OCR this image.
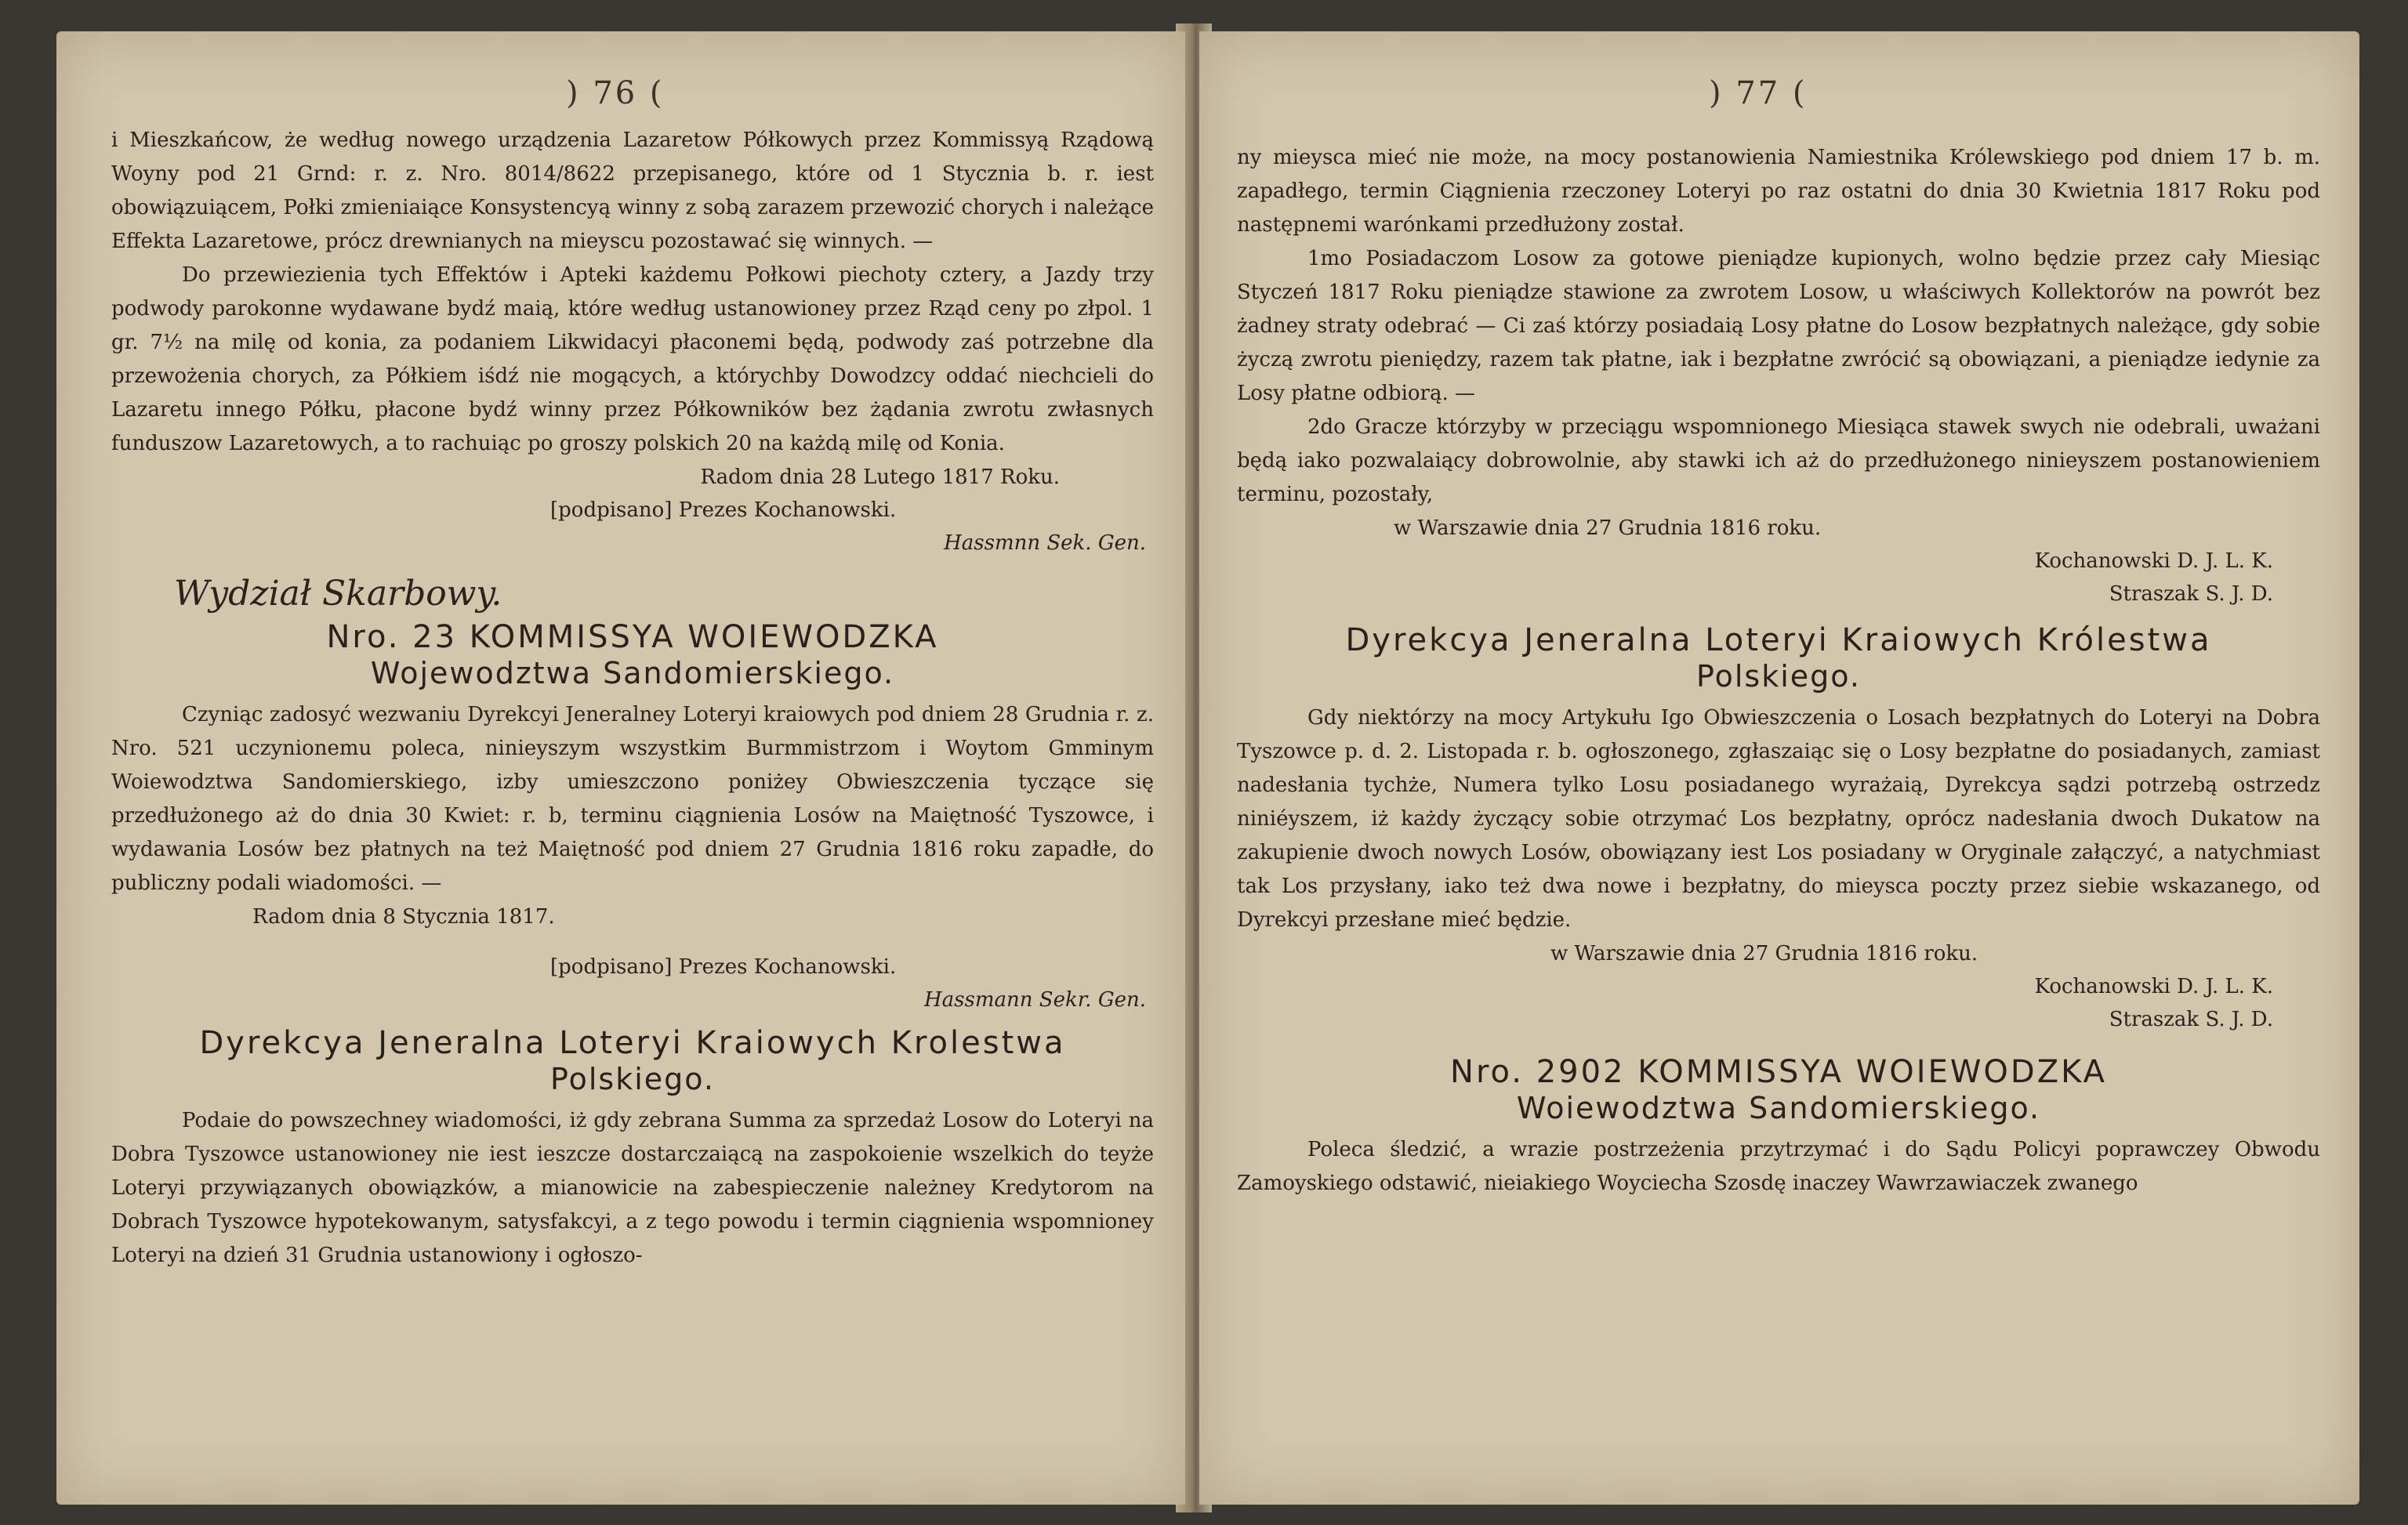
) 76 (

i Mieszkańcow, że według nowego urządzenia Lazaretow Półkowych przez Kommissyą Rządową Woyny pod 21 Grnd: r. z. Nro. 8014/8622 przepisanego, które od 1 Stycznia b. r. iest obowiązuiącem, Połki zmieniaiące Konsystencyą winny z sobą zarazem przewozić chorych i należące Effekta Lazaretowe, prócz drewnianych na mieyscu pozostawać się winnych. —

Do przewiezienia tych Effektów i Apteki każdemu Połkowi piechoty cztery, a Jazdy trzy podwody parokonne wydawane bydź maią, które według ustanowioney przez Rząd ceny po złpol. 1 gr. 7½ na milę od konia, za podaniem Likwidacyi płaconemi będą, podwody zaś potrzebne dla przewożenia chorych, za Półkiem iśdź nie mogących, a którychby Dowodzcy oddać niechcieli do Lazaretu innego Półku, płacone bydź winny przez Półkowników bez żądania zwrotu zwłasnych funduszow Lazaretowych, a to rachuiąc po groszy polskich 20 na każdą milę od Konia.

Radom dnia 28 Lutego 1817 Roku.

[podpisano] Prezes Kochanowski.

Hassmnn Sek. Gen.

Wydział Skarbowy.
Nro. 23 KOMMISSYA WOIEWODZKA
Wojewodztwa Sandomierskiego.

Czyniąc zadosyć wezwaniu Dyrekcyi Jeneralney Loteryi kraiowych pod dniem 28 Grudnia r. z. Nro. 521 uczynionemu poleca, ninieyszym wszystkim Burmmistrzom i Woytom Gmminym Woiewodztwa Sandomierskiego, izby umieszczono poniżey Obwieszczenia tyczące się przedłużonego aż do dnia 30 Kwiet: r. b, terminu ciągnienia Losów na Maiętność Tyszowce, i wydawania Losów bez płatnych na też Maiętność pod dniem 27 Grudnia 1816 roku zapadłe, do publiczny podali wiadomości. —

Radom dnia 8 Stycznia 1817.

[podpisano] Prezes Kochanowski.

Hassmann Sekr. Gen.

Dyrekcya Jeneralna Loteryi Kraiowych Krolestwa
Polskiego.

Podaie do powszechney wiadomości, iż gdy zebrana Summa za sprzedaż Losow do Loteryi na Dobra Tyszowce ustanowioney nie iest ieszcze dostarczaiącą na zaspokoienie wszelkich do teyże Loteryi przywiązanych obowiązków, a mianowicie na zabespieczenie należney Kredytorom na Dobrach Tyszowce hypotekowanym, satysfakcyi, a z tego powodu i termin ciągnienia wspomnioney Loteryi na dzień 31 Grudnia ustanowiony i ogłoszo-

) 77 (

ny mieysca mieć nie może, na mocy postanowienia Namiestnika Królewskiego pod dniem 17 b. m. zapadłego, termin Ciągnienia rzeczoney Loteryi po raz ostatni do dnia 30 Kwietnia 1817 Roku pod następnemi warónkami przedłużony został.

1mo Posiadaczom Losow za gotowe pieniądze kupionych, wolno będzie przez cały Miesiąc Styczeń 1817 Roku pieniądze stawione za zwrotem Losow, u właściwych Kollektorów na powrót bez żadney straty odebrać — Ci zaś którzy posiadaią Losy płatne do Losow bezpłatnych należące, gdy sobie życzą zwrotu pieniędzy, razem tak płatne, iak i bezpłatne zwrócić są obowiązani, a pieniądze iedynie za Losy płatne odbiorą. —

2do Gracze którzyby w przeciągu wspomnionego Miesiąca stawek swych nie odebrali, uważani będą iako pozwalaiący dobrowolnie, aby stawki ich aż do przedłużonego ninieyszem postanowieniem terminu, pozostały,

w Warszawie dnia 27 Grudnia 1816 roku.

Kochanowski D. J. L. K.

Straszak S. J. D.

Dyrekcya Jeneralna Loteryi Kraiowych Królestwa
Polskiego.

Gdy niektórzy na mocy Artykułu Igo Obwieszczenia o Losach bezpłatnych do Loteryi na Dobra Tyszowce p. d. 2. Listopada r. b. ogłoszonego, zgłaszaiąc się o Losy bezpłatne do posiadanych, zamiast nadesłania tychże, Numera tylko Losu posiadanego wyrażaią, Dyrekcya sądzi potrzebą ostrzedz niniéyszem, iż każdy życzący sobie otrzymać Los bezpłatny, oprócz nadesłania dwoch Dukatow na zakupienie dwoch nowych Losów, obowiązany iest Los posiadany w Oryginale załączyć, a natychmiast tak Los przysłany, iako też dwa nowe i bezpłatny, do mieysca poczty przez siebie wskazanego, od Dyrekcyi przesłane mieć będzie.

w Warszawie dnia 27 Grudnia 1816 roku.

Kochanowski D. J. L. K.

Straszak S. J. D.

Nro. 2902 KOMMISSYA WOIEWODZKA
Woiewodztwa Sandomierskiego.

Poleca śledzić, a wrazie postrzeżenia przytrzymać i do Sądu Policyi poprawczey Obwodu Zamoyskiego odstawić, nieiakiego Woyciecha Szosdę inaczey Wawrzawiaczek zwanego
